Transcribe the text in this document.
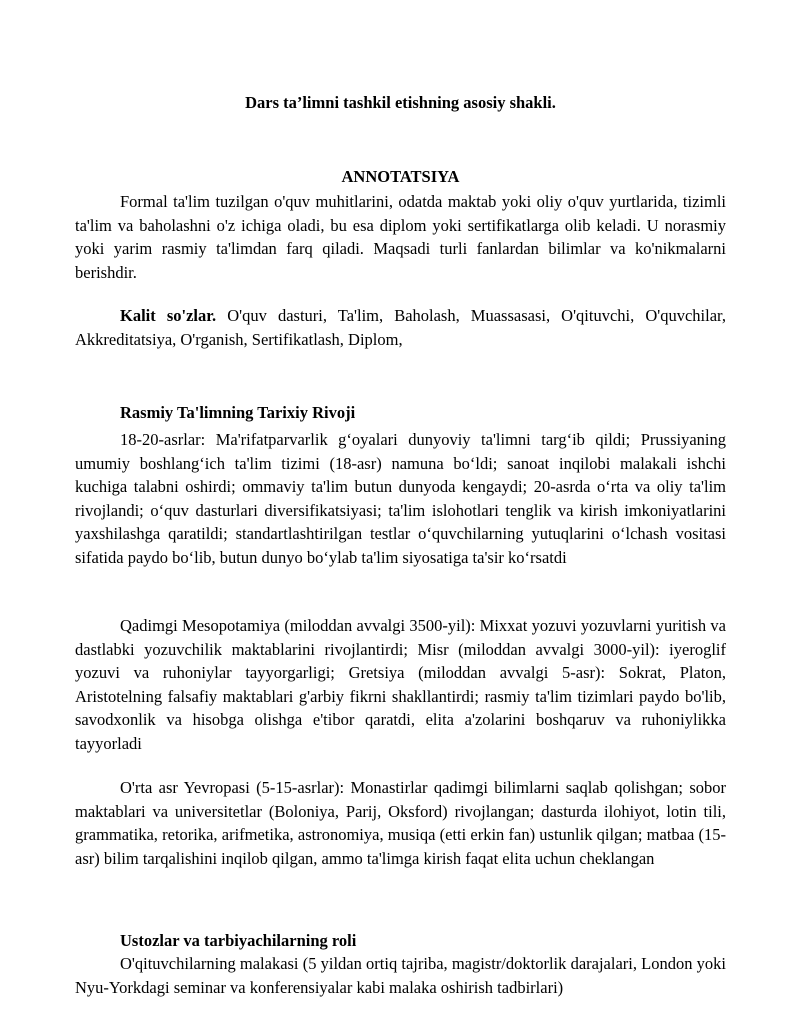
Dars ta’limni tashkil etishning asosiy shakli.
ANNOTATSIYA

Formal ta'lim tuzilgan o'quv muhitlarini, odatda maktab yoki oliy o'quv yurtlarida, tizimli ta'lim va baholashni o'z ichiga oladi, bu esa diplom yoki sertifikatlarga olib keladi. U norasmiy yoki yarim rasmiy ta'limdan farq qiladi. Maqsadi turli fanlardan bilimlar va ko'nikmalarni berishdir.

Kalit so'zlar. O'quv dasturi, Ta'lim, Baholash, Muassasasi, O'qituvchi, O'quvchilar, Akkreditatsiya, O'rganish, Sertifikatlash, Diplom,

Rasmiy Ta'limning Tarixiy Rivoji

18-20-asrlar: Ma'rifatparvarlik g‘oyalari dunyoviy ta'limni targ‘ib qildi; Prussiyaning umumiy boshlang‘ich ta'lim tizimi (18-asr) namuna bo‘ldi; sanoat inqilobi malakali ishchi kuchiga talabni oshirdi; ommaviy ta'lim butun dunyoda kengaydi; 20-asrda o‘rta va oliy ta'lim rivojlandi; o‘quv dasturlari diversifikatsiyasi; ta'lim islohotlari tenglik va kirish imkoniyatlarini yaxshilashga qaratildi; standartlashtirilgan testlar o‘quvchilarning yutuqlarini o‘lchash vositasi sifatida paydo bo‘lib, butun dunyo bo‘ylab ta'lim siyosatiga ta'sir ko‘rsatdi

Qadimgi Mesopotamiya (miloddan avvalgi 3500-yil): Mixxat yozuvi yozuvlarni yuritish va dastlabki yozuvchilik maktablarini rivojlantirdi; Misr (miloddan avvalgi 3000-yil): iyeroglif yozuvi va ruhoniylar tayyorgarligi; Gretsiya (miloddan avvalgi 5-asr): Sokrat, Platon, Aristotelning falsafiy maktablari g'arbiy fikrni shakllantirdi; rasmiy ta'lim tizimlari paydo bo'lib, savodxonlik va hisobga olishga e'tibor qaratdi, elita a'zolarini boshqaruv va ruhoniylikka tayyorladi

O'rta asr Yevropasi (5-15-asrlar): Monastirlar qadimgi bilimlarni saqlab qolishgan; sobor maktablari va universitetlar (Boloniya, Parij, Oksford) rivojlangan; dasturda ilohiyot, lotin tili, grammatika, retorika, arifmetika, astronomiya, musiqa (etti erkin fan) ustunlik qilgan; matbaa (15-asr) bilim tarqalishini inqilob qilgan, ammo ta'limga kirish faqat elita uchun cheklangan

Ustozlar va tarbiyachilarning roli

O'qituvchilarning malakasi (5 yildan ortiq tajriba, magistr/doktorlik darajalari, London yoki Nyu-Yorkdagi seminar va konferensiyalar kabi malaka oshirish tadbirlari)
